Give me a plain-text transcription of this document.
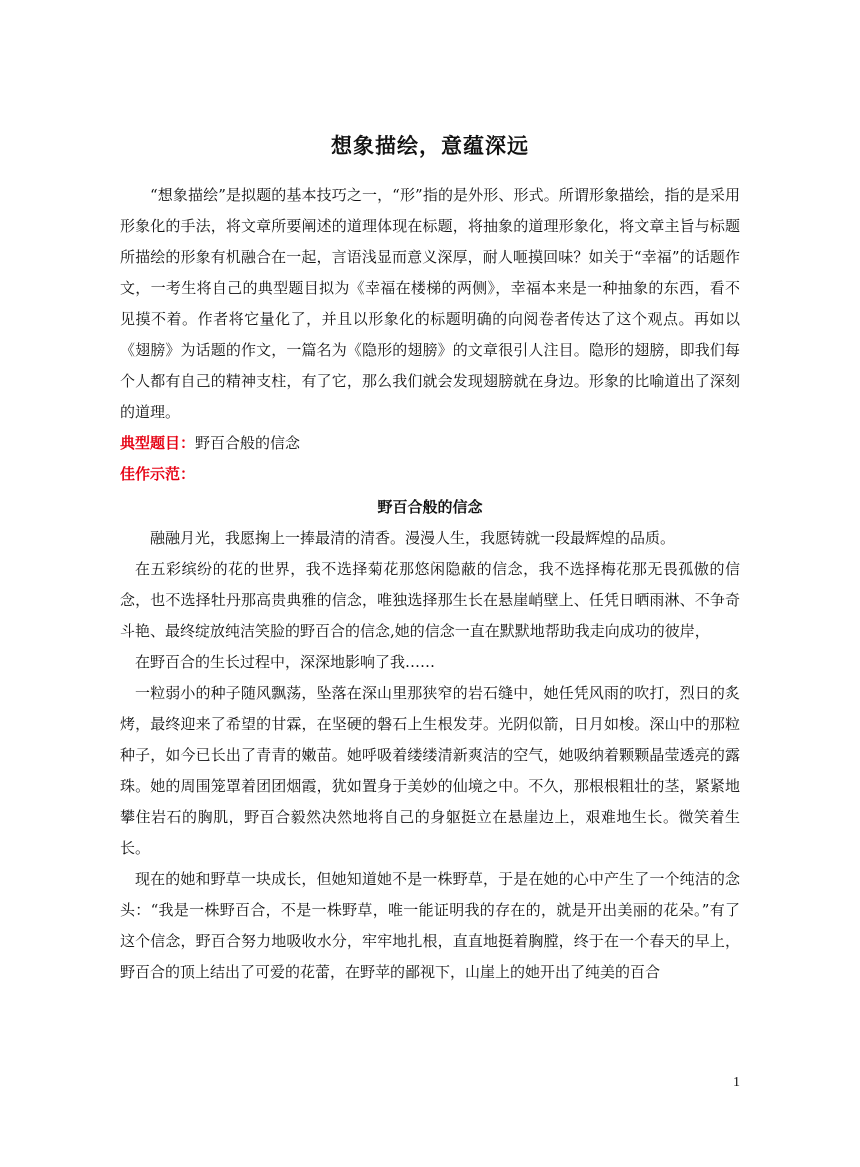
想象描绘，意蕴深远

“想象描绘”是拟题的基本技巧之一，“形”指的是外形、形式。所谓形象描绘，指的是采用形象化的手法，将文章所要阐述的道理体现在标题，将抽象的道理形象化，将文章主旨与标题所描绘的形象有机融合在一起，言语浅显而意义深厚，耐人咂摸回味？如关于“幸福”的话题作文，一考生将自己的典型题目拟为《幸福在楼梯的两侧》，幸福本来是一种抽象的东西，看不见摸不着。作者将它量化了，并且以形象化的标题明确的向阅卷者传达了这个观点。再如以《翅膀》为话题的作文，一篇名为《隐形的翅膀》的文章很引人注目。隐形的翅膀，即我们每个人都有自己的精神支柱，有了它，那么我们就会发现翅膀就在身边。形象的比喻道出了深刻的道理。

典型题目：野百合般的信念
佳作示范：
野百合般的信念

融融月光，我愿掬上一捧最清的清香。漫漫人生，我愿铸就一段最辉煌的品质。

在五彩缤纷的花的世界，我不选择菊花那悠闲隐蔽的信念，我不选择梅花那无畏孤傲的信念，也不选择牡丹那高贵典雅的信念，唯独选择那生长在悬崖峭壁上、任凭日晒雨淋、不争奇斗艳、最终绽放纯洁笑脸的野百合的信念,她的信念一直在默默地帮助我走向成功的彼岸，

在野百合的生长过程中，深深地影响了我……

一粒弱小的种子随风飘荡，坠落在深山里那狭窄的岩石缝中，她任凭风雨的吹打，烈日的炙烤，最终迎来了希望的甘霖，在坚硬的磐石上生根发芽。光阴似箭，日月如梭。深山中的那粒种子，如今已长出了青青的嫩苗。她呼吸着缕缕清新爽洁的空气，她吸纳着颗颗晶莹透亮的露珠。她的周围笼罩着团团烟霞，犹如置身于美妙的仙境之中。不久，那根根粗壮的茎，紧紧地攀住岩石的胸肌，野百合毅然决然地将自己的身躯挺立在悬崖边上，艰难地生长。微笑着生长。

现在的她和野草一块成长，但她知道她不是一株野草，于是在她的心中产生了一个纯洁的念头：“我是一株野百合，不是一株野草，唯一能证明我的存在的，就是开出美丽的花朵。”有了这个信念，野百合努力地吸收水分，牢牢地扎根，直直地挺着胸膛，终于在一个春天的早上，野百合的顶上结出了可爱的花蕾，在野苹的鄙视下，山崖上的她开出了纯美的百合

1
